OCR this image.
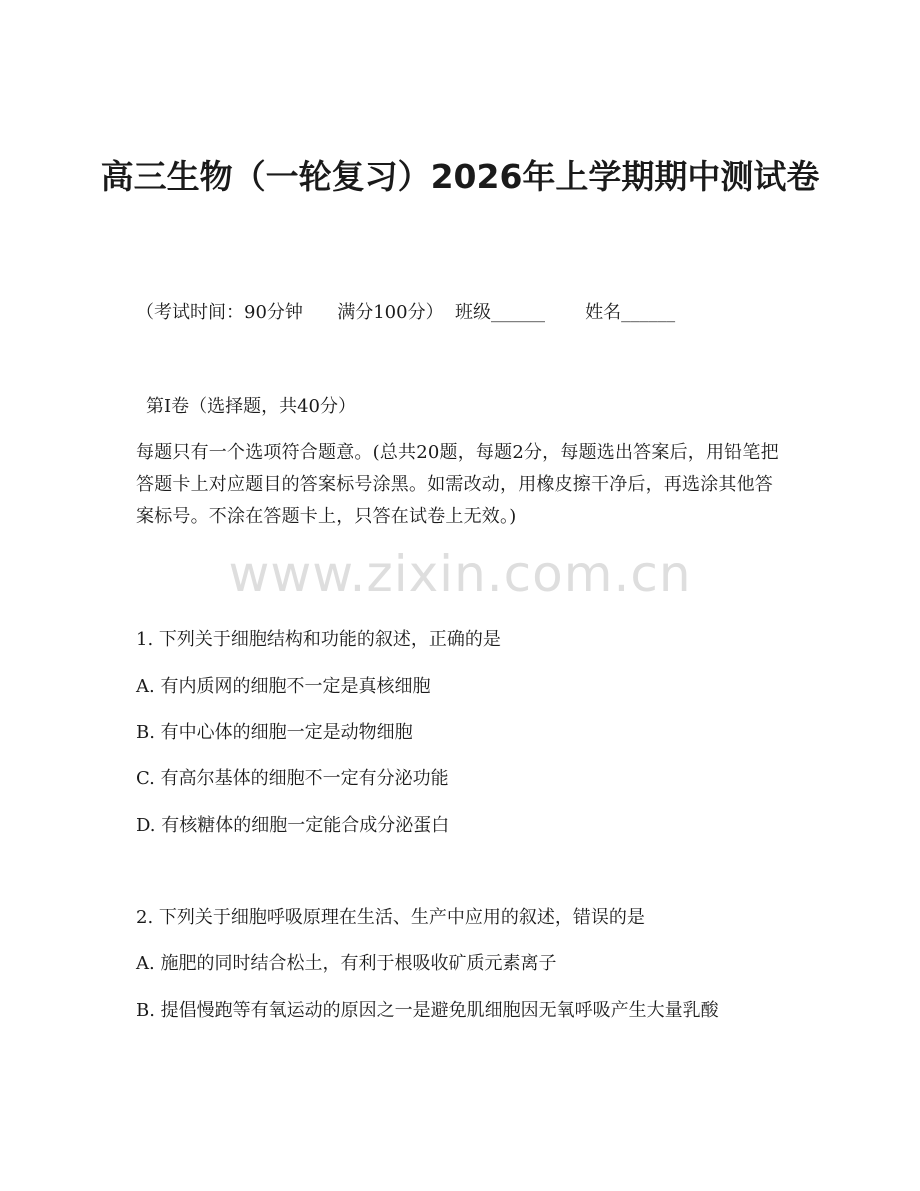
高三生物（一轮复习）2026年上学期期中测试卷
（考试时间：90分钟      满分100分）  班级______       姓名______
第Ⅰ卷（选择题，共40分）
每题只有一个选项符合题意。(总共20题，每题2分，每题选出答案后，用铅笔把答题卡上对应题目的答案标号涂黑。如需改动，用橡皮擦干净后，再选涂其他答案标号。不涂在答题卡上，只答在试卷上无效。)
www.zixin.com.cn
1. 下列关于细胞结构和功能的叙述，正确的是
A. 有内质网的细胞不一定是真核细胞
B. 有中心体的细胞一定是动物细胞
C. 有高尔基体的细胞不一定有分泌功能
D. 有核糖体的细胞一定能合成分泌蛋白
2. 下列关于细胞呼吸原理在生活、生产中应用的叙述，错误的是
A. 施肥的同时结合松土，有利于根吸收矿质元素离子
B. 提倡慢跑等有氧运动的原因之一是避免肌细胞因无氧呼吸产生大量乳酸
